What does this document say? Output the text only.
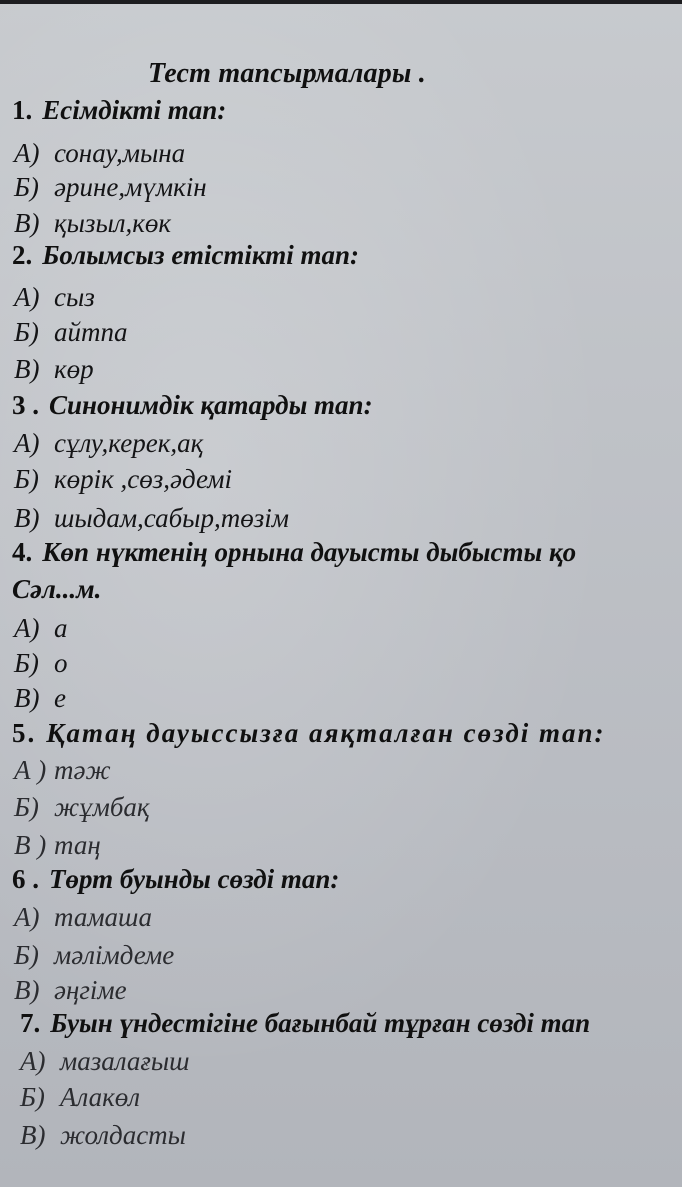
Тест тапсырмалары .
1. Есімдікті тап:
А) сонау,мына
Б) әрине,мүмкін
В) қызыл,көк
2. Болымсыз етістікті тап:
А) сыз
Б) айтпа
В) көр
3 . Синонимдік қатарды тап:
А) сұлу,керек,ақ
Б) көрік ,сөз,әдемі
В) шыдам,сабыр,төзім
4. Көп нүктенің орнына дауысты дыбысты қо
Сәл...м.
А) а
Б) о
В) е
5. Қатаң дауыссызға аяқталған сөзді тап:
А ) тәж
Б) жұмбақ
В ) таң
6 . Төрт буынды сөзді тап:
А) тамаша
Б) мәлімдеме
В) әңгіме
7. Буын үндестігіне бағынбай тұрған сөзді тап
А) мазалағыш
Б) Алакөл
В) жолдасты
